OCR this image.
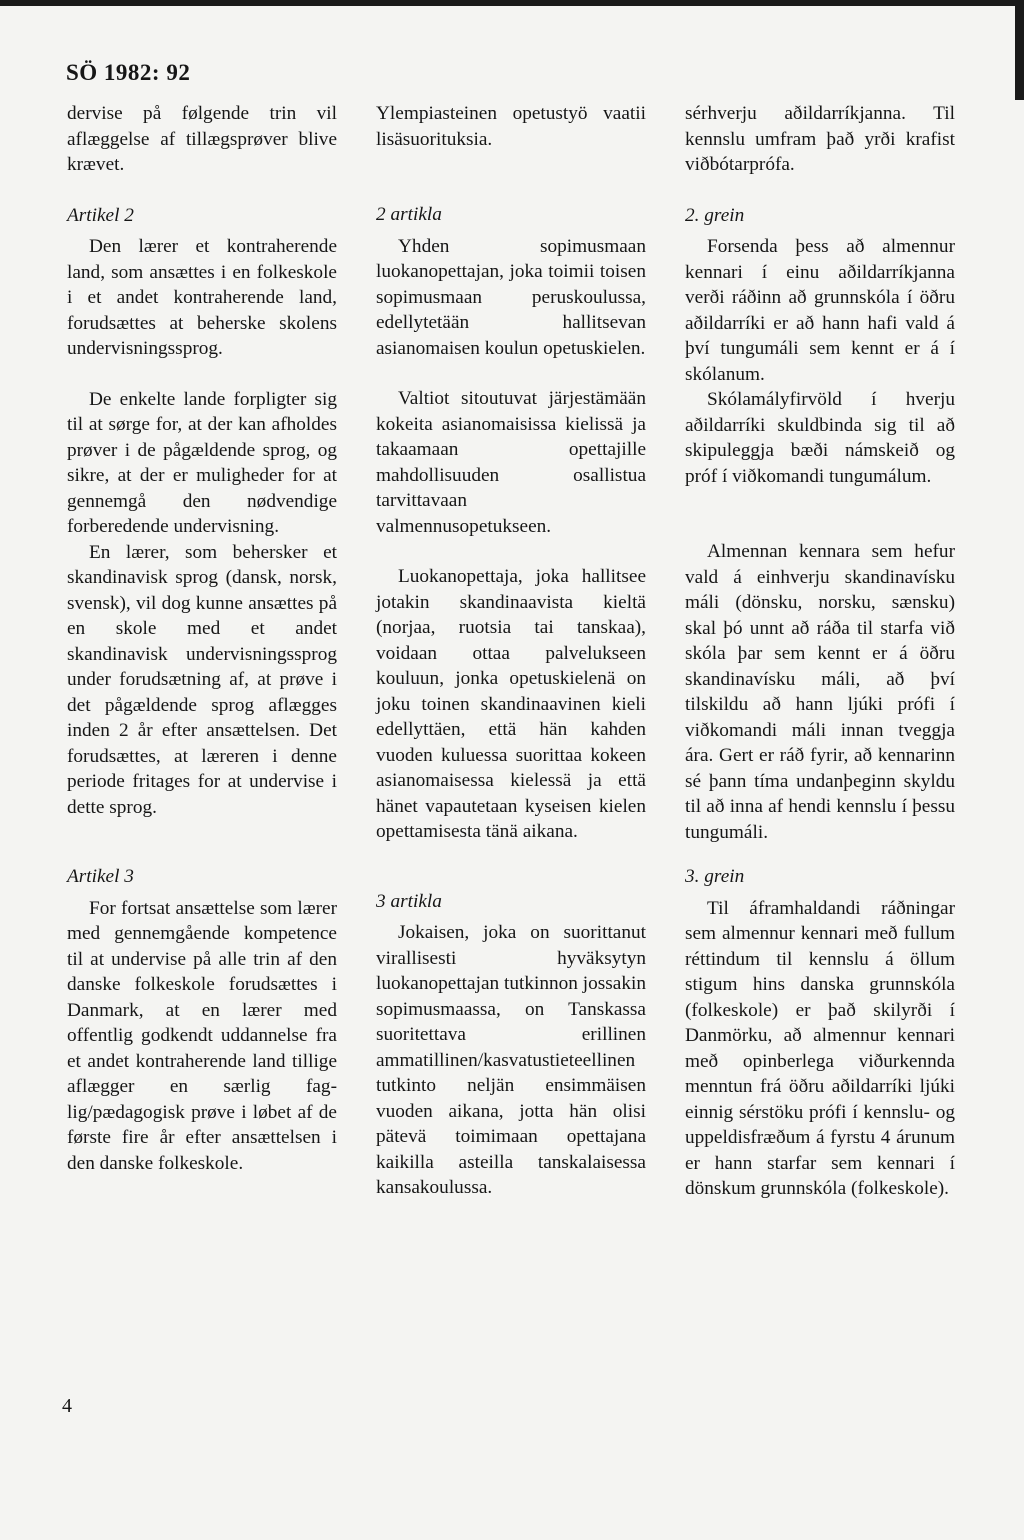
SÖ 1982: 92

dervise på følgende trin vil aflæggelse af tillægsprøver blive krævet.

Artikel 2

Den lærer et kontraherende land, som ansættes i en folkeskole i et andet kontraherende land, forudsættes at beherske skolens undervisningssprog.

De enkelte lande forpligter sig til at sørge for, at der kan afholdes prøver i de pågældende sprog, og sikre, at der er muligheder for at gennemgå den nødvendige forberedende undervisning.

En lærer, som behersker et skandinavisk sprog (dansk, norsk, svensk), vil dog kunne ansættes på en skole med et andet skandinavisk undervisningssprog under forudsætning af, at prøve i det pågældende sprog aflægges inden 2 år efter ansættelsen. Det forudsættes, at læreren i denne periode fritages for at undervise i dette sprog.

Artikel 3

For fortsat ansættelse som lærer med gennemgående kompetence til at undervise på alle trin af den danske folkeskole forudsættes i Danmark, at en lærer med offentlig godkendt uddannelse fra et andet kontraherende land tillige aflægger en særlig fag-lig/pædagogisk prøve i løbet af de første fire år efter ansættelsen i den danske folkeskole.

Ylempiasteinen opetustyö vaatii lisäsuorituksia.

2 artikla

Yhden sopimusmaan luokanopettajan, joka toimii toisen sopimusmaan peruskoulussa, edellytetään hallitsevan asianomaisen koulun opetuskielen.

Valtiot sitoutuvat järjestämään kokeita asianomaisissa kielissä ja takaamaan opettajille mahdollisuuden osallistua tarvittavaan valmennusopetukseen.

Luokanopettaja, joka hallitsee jotakin skandinaavista kieltä (norjaa, ruotsia tai tanskaa), voidaan ottaa palvelukseen kouluun, jonka opetuskielenä on joku toinen skandinaavinen kieli edellyttäen, että hän kahden vuoden kuluessa suorittaa kokeen asianomaisessa kielessä ja että hänet vapautetaan kyseisen kielen opettamisesta tänä aikana.

3 artikla

Jokaisen, joka on suorittanut virallisesti hyväksytyn luokanopettajan tutkinnon jossakin sopimusmaassa, on Tanskassa suoritettava erillinen ammatillinen/kasvatustieteellinen tutkinto neljän ensimmäisen vuoden aikana, jotta hän olisi pätevä toimimaan opettajana kaikilla asteilla tanskalaisessa kansakoulussa.

sérhverju aðildarríkjanna. Til kennslu umfram það yrði krafist viðbótarprófa.

2. grein

Forsenda þess að almennur kennari í einu aðildarríkjanna verði ráðinn að grunnskóla í öðru aðildarríki er að hann hafi vald á því tungumáli sem kennt er á í skólanum.

Skólamályfirvöld í hverju aðildarríki skuldbinda sig til að skipuleggja bæði námskeið og próf í viðkomandi tungumálum.

Almennan kennara sem hefur vald á einhverju skandinavísku máli (dönsku, norsku, sænsku) skal þó unnt að ráða til starfa við skóla þar sem kennt er á öðru skandinavísku máli, að því tilskildu að hann ljúki prófi í viðkomandi máli innan tveggja ára. Gert er ráð fyrir, að kennarinn sé þann tíma undanþeginn skyldu til að inna af hendi kennslu í þessu tungumáli.

3. grein

Til áframhaldandi ráðningar sem almennur kennari með fullum réttindum til kennslu á öllum stigum hins danska grunnskóla (folkeskole) er það skilyrði í Danmörku, að almennur kennari með opinberlega viðurkennda menntun frá öðru aðildarríki ljúki einnig sérstöku prófi í kennslu- og uppeldisfræðum á fyrstu 4 árunum er hann starfar sem kennari í dönskum grunnskóla (folkeskole).

4
